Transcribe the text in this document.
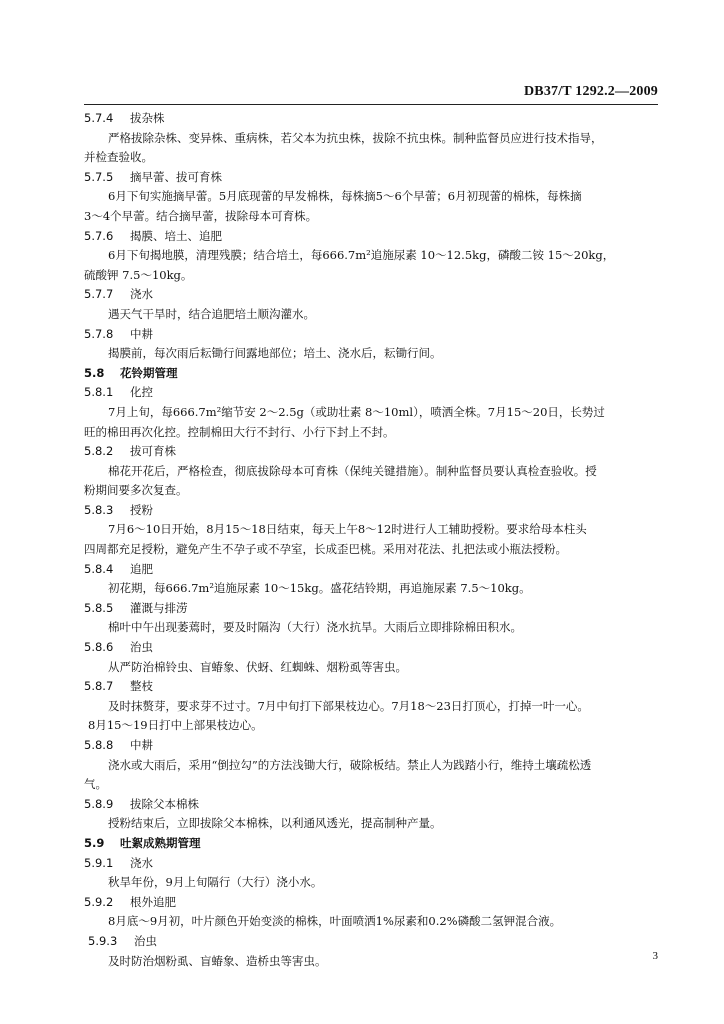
DB37/T 1292.2—2009
5.7.4 拔杂株
严格拔除杂株、变异株、重病株，若父本为抗虫株，拔除不抗虫株。制种监督员应进行技术指导，
并检查验收。
5.7.5 摘早蕾、拔可育株
6月下旬实施摘早蕾。5月底现蕾的早发棉株，每株摘5～6个早蕾；6月初现蕾的棉株，每株摘
3～4个早蕾。结合摘早蕾，拔除母本可育株。
5.7.6 揭膜、培土、追肥
6月下旬揭地膜，清理残膜；结合培土，每666.7m²追施尿素 10～12.5kg，磷酸二铵 15～20kg，
硫酸钾 7.5～10kg。
5.7.7 浇水
遇天气干旱时，结合追肥培土顺沟灌水。
5.7.8 中耕
揭膜前，每次雨后耘锄行间露地部位；培土、浇水后，耘锄行间。
5.8 花铃期管理
5.8.1 化控
7月上旬，每666.7m²缩节安 2～2.5g（或助壮素 8～10ml），喷洒全株。7月15～20日，长势过
旺的棉田再次化控。控制棉田大行不封行、小行下封上不封。
5.8.2 拔可育株
棉花开花后，严格检查，彻底拔除母本可育株（保纯关键措施）。制种监督员要认真检查验收。授
粉期间要多次复查。
5.8.3 授粉
7月6～10日开始，8月15～18日结束，每天上午8～12时进行人工辅助授粉。要求给母本柱头
四周都充足授粉，避免产生不孕子或不孕室，长成歪巴桃。采用对花法、扎把法或小瓶法授粉。
5.8.4 追肥
初花期，每666.7m²追施尿素 10～15kg。盛花结铃期，再追施尿素 7.5～10kg。
5.8.5 灌溉与排涝
棉叶中午出现萎蔫时，要及时隔沟（大行）浇水抗旱。大雨后立即排除棉田积水。
5.8.6 治虫
从严防治棉铃虫、盲蝽象、伏蚜、红蜘蛛、烟粉虱等害虫。
5.8.7 整枝
及时抹赘芽，要求芽不过寸。7月中旬打下部果枝边心。7月18～23日打顶心，打掉一叶一心。
8月15～19日打中上部果枝边心。
5.8.8 中耕
浇水或大雨后，采用“倒拉勾”的方法浅锄大行，破除板结。禁止人为践踏小行，维持土壤疏松透
气。
5.8.9 拔除父本棉株
授粉结束后，立即拔除父本棉株，以利通风透光，提高制种产量。
5.9 吐絮成熟期管理
5.9.1 浇水
秋旱年份，9月上旬隔行（大行）浇小水。
5.9.2 根外追肥
8月底～9月初，叶片颜色开始变淡的棉株，叶面喷洒1%尿素和0.2%磷酸二氢钾混合液。
5.9.3 治虫
及时防治烟粉虱、盲蝽象、造桥虫等害虫。	3
